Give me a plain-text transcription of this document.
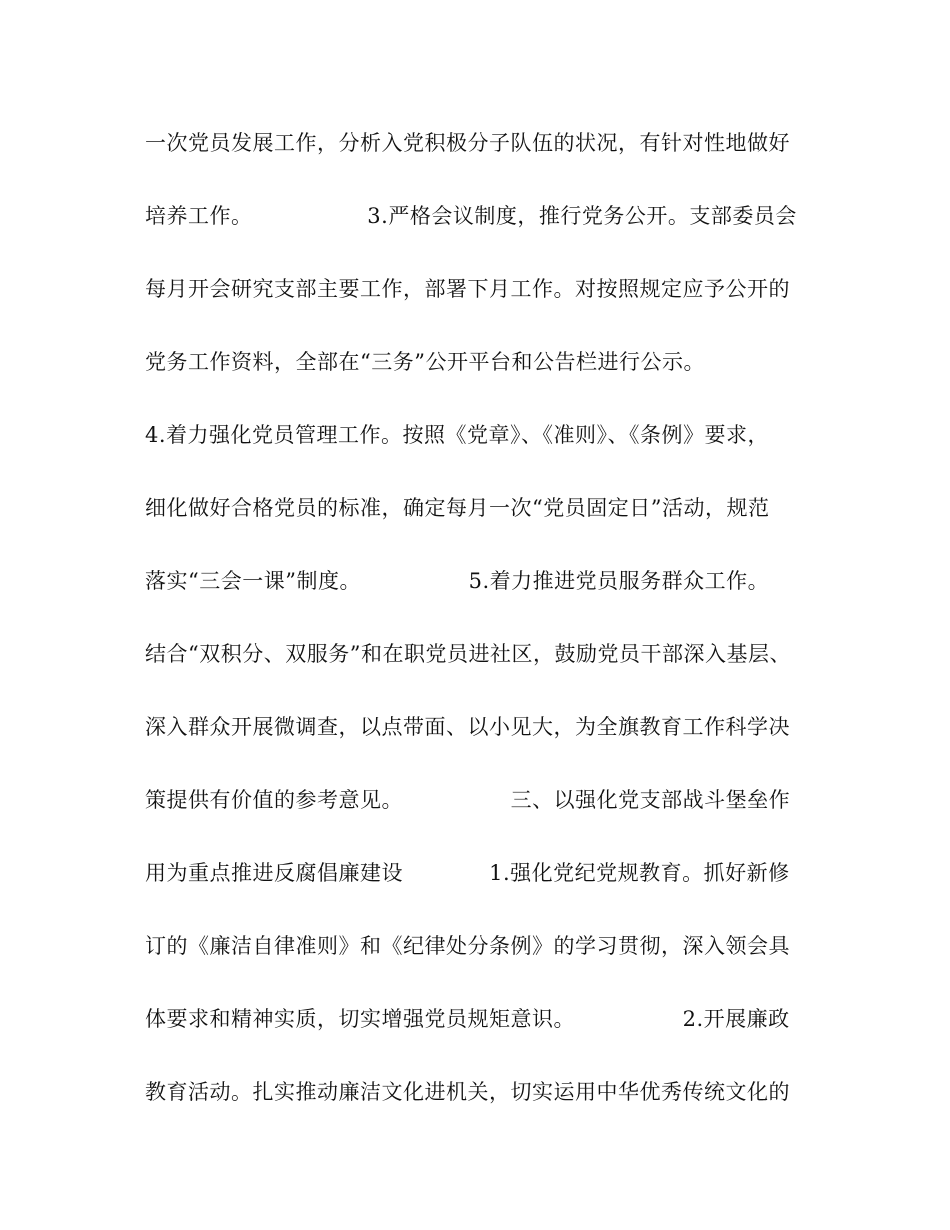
一次党员发展工作，分析入党积极分子队伍的状况，有针对性地做好
培养工作。                3.严格会议制度，推行党务公开。支部委员会
每月开会研究支部主要工作，部署下月工作。对按照规定应予公开的
党务工作资料，全部在“三务”公开平台和公告栏进行公示。
4.着力强化党员管理工作。按照《党章》、《准则》、《条例》要求，
细化做好合格党员的标准，确定每月一次“党员固定日”活动，规范
落实“三会一课”制度。               5.着力推进党员服务群众工作。
结合“双积分、双服务”和在职党员进社区，鼓励党员干部深入基层、
深入群众开展微调查，以点带面、以小见大，为全旗教育工作科学决
策提供有价值的参考意见。               三、以强化党支部战斗堡垒作
用为重点推进反腐倡廉建设            1.强化党纪党规教育。抓好新修
订的《廉洁自律准则》和《纪律处分条例》的学习贯彻，深入领会具
体要求和精神实质，切实增强党员规矩意识。               2.开展廉政
教育活动。扎实推动廉洁文化进机关，切实运用中华优秀传统文化的
